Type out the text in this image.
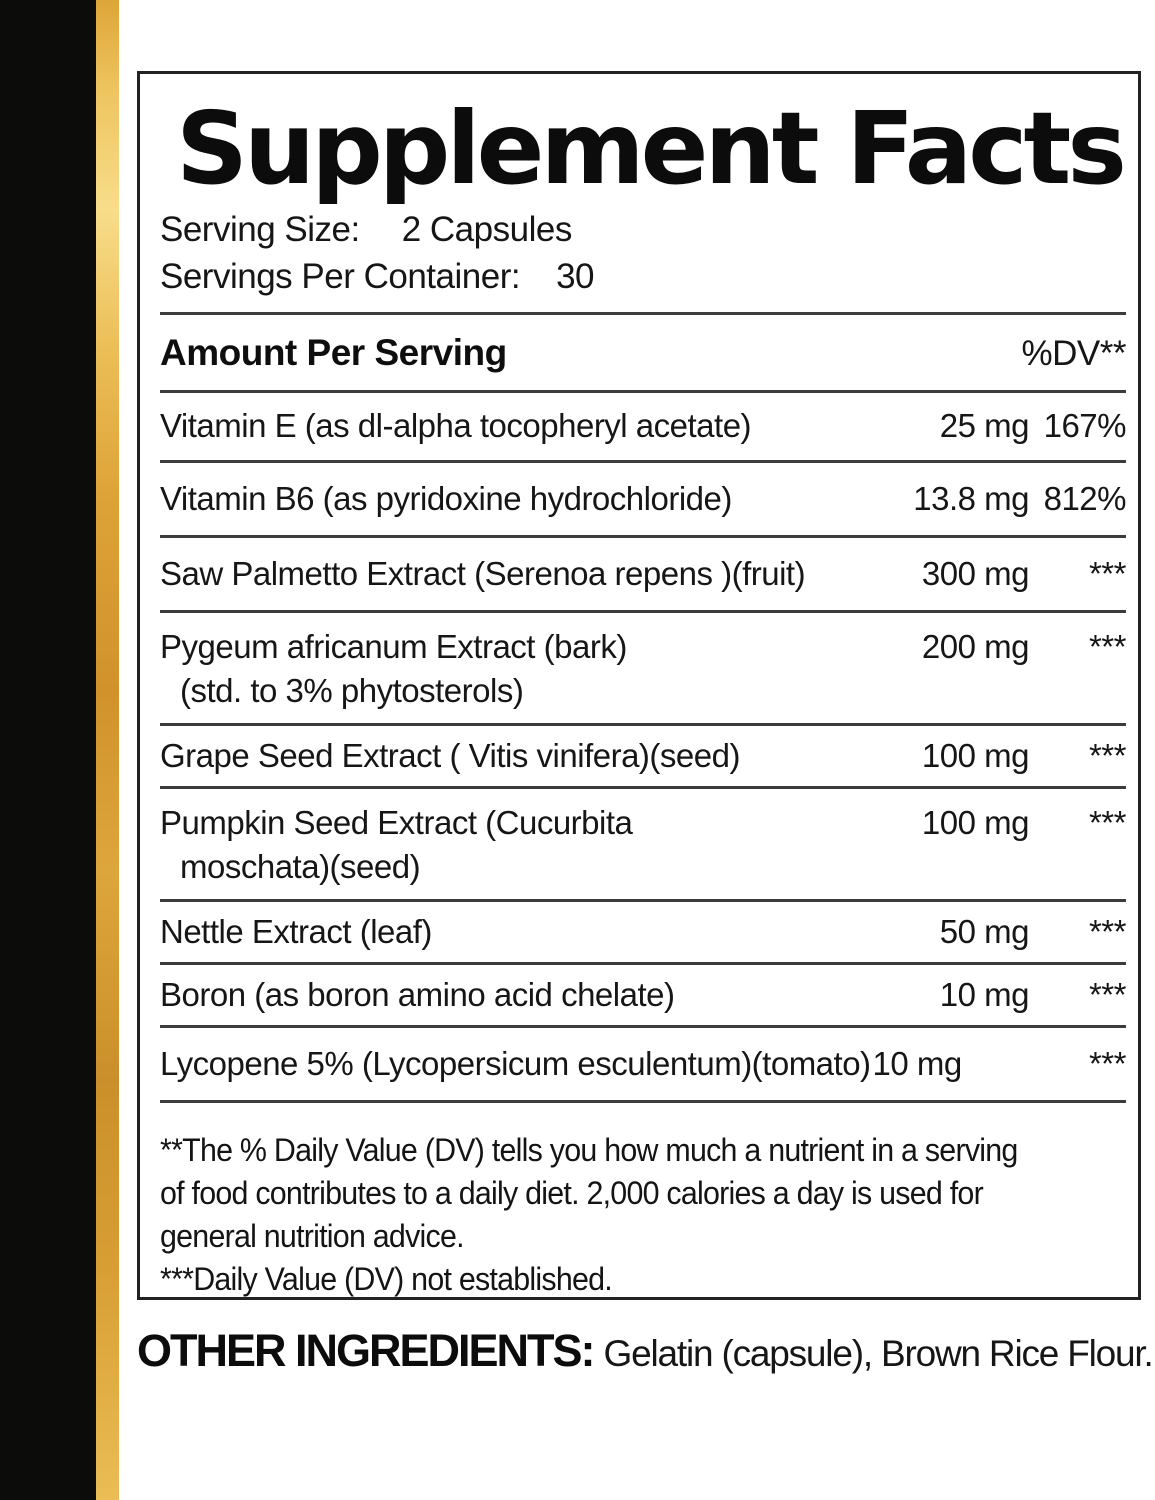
Supplement Facts
Serving Size: 2 Capsules
Servings Per Container: 30
Amount Per Serving	%DV**
Vitamin E (as dl-alpha tocopheryl acetate)	25 mg 167%
Vitamin B6 (as pyridoxine hydrochloride)	13.8 mg 812%
Saw Palmetto Extract (Serenoa repens )(fruit)	300 mg	***
Pygeum africanum Extract (bark)	200 mg	***
(std. to 3% phytosterols)
Grape Seed Extract ( Vitis vinifera)(seed)	100 mg	***
Pumpkin Seed Extract (Cucurbita	100 mg	***
moschata)(seed)
Nettle Extract (leaf)	50 mg	***
Boron (as boron amino acid chelate)	10 mg	***
Lycopene 5% (Lycopersicum esculentum)(tomato) 10 mg	***
**The % Daily Value (DV) tells you how much a nutrient in a serving
of food contributes to a daily diet. 2,000 calories a day is used for
general nutrition advice.
***Daily Value (DV) not established.
OTHER INGREDIENTS: Gelatin (capsule), Brown Rice Flour.
